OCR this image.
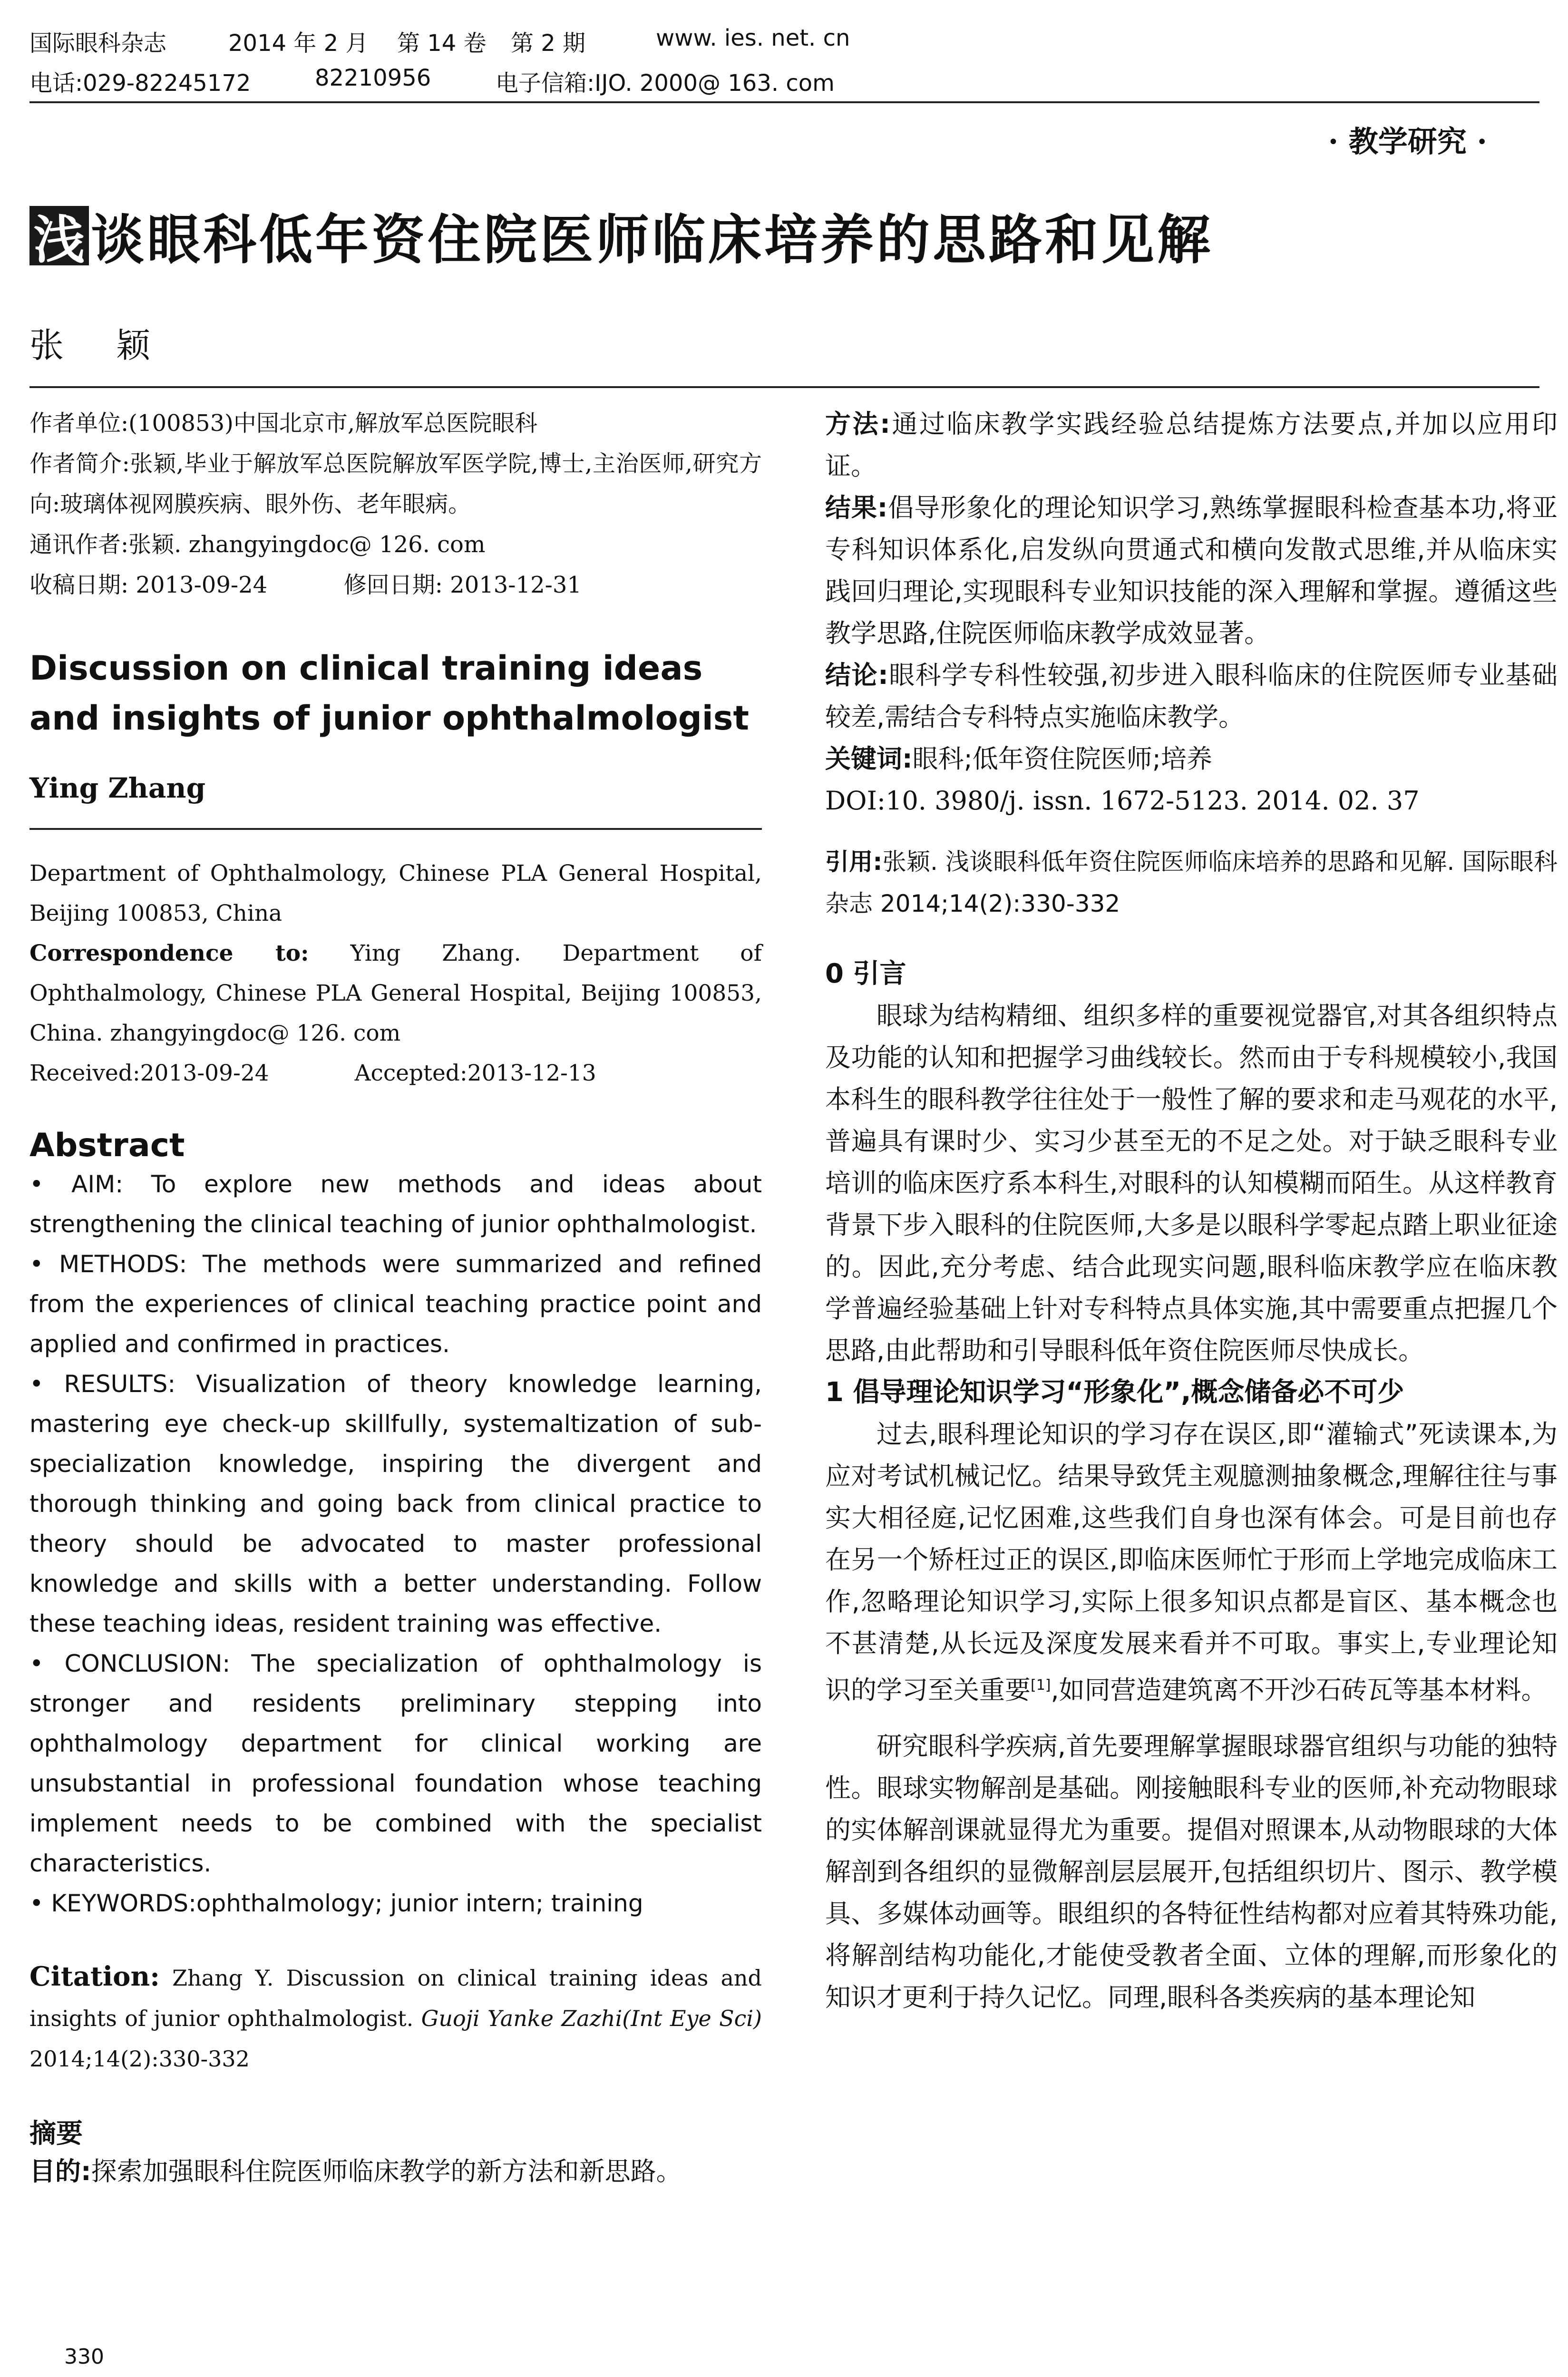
国际眼科杂志	2014 年 2 月 第 14 卷 第 2 期	www. ies. net. cn
电话:029-82245172	82210956	电子信箱:IJO. 2000@ 163. com
· 教学研究 ·
浅 谈眼科低年资住院医师临床培养的思路和见解
张颖

作者单位:(100853)中国北京市,解放军总医院眼科

作者简介:张颖,毕业于解放军总医院解放军医学院,博士,主治医师,研究方向:玻璃体视网膜疾病、眼外伤、老年眼病。

通讯作者:张颖. zhangyingdoc@ 126. com

收稿日期: 2013-09-24	修回日期: 2013-12-31

Discussion on clinical training ideas and insights of junior ophthalmologist
Ying Zhang

Department of Ophthalmology, Chinese PLA General Hospital, Beijing 100853, China

Correspondence to: Ying Zhang. Department of Ophthalmology, Chinese PLA General Hospital, Beijing 100853, China. zhangyingdoc@ 126. com

Received:2013-09-24	Accepted:2013-12-13

Abstract

• AIM: To explore new methods and ideas about strengthening the clinical teaching of junior ophthalmologist.

• METHODS: The methods were summarized and refined from the experiences of clinical teaching practice point and applied and confirmed in practices.

• RESULTS: Visualization of theory knowledge learning, mastering eye check-up skillfully, systemaltization of sub-specialization knowledge, inspiring the divergent and thorough thinking and going back from clinical practice to theory should be advocated to master professional knowledge and skills with a better understanding. Follow these teaching ideas, resident training was effective.

• CONCLUSION: The specialization of ophthalmology is stronger and residents preliminary stepping into ophthalmology department for clinical working are unsubstantial in professional foundation whose teaching implement needs to be combined with the specialist characteristics.

• KEYWORDS:ophthalmology; junior intern; training

Citation: Zhang Y. Discussion on clinical training ideas and insights of junior ophthalmologist. Guoji Yanke Zazhi(Int Eye Sci) 2014;14(2):330-332
摘要

目的:探索加强眼科住院医师临床教学的新方法和新思路。

方法:通过临床教学实践经验总结提炼方法要点,并加以应用印证。

结果:倡导形象化的理论知识学习,熟练掌握眼科检查基本功,将亚专科知识体系化,启发纵向贯通式和横向发散式思维,并从临床实践回归理论,实现眼科专业知识技能的深入理解和掌握。遵循这些教学思路,住院医师临床教学成效显著。

结论:眼科学专科性较强,初步进入眼科临床的住院医师专业基础较差,需结合专科特点实施临床教学。

关键词:眼科;低年资住院医师;培养

DOI:10. 3980/j. issn. 1672-5123. 2014. 02. 37

引用:张颖. 浅谈眼科低年资住院医师临床培养的思路和见解. 国际眼科杂志 2014;14(2):330-332

0 引言

眼球为结构精细、组织多样的重要视觉器官,对其各组织特点及功能的认知和把握学习曲线较长。然而由于专科规模较小,我国本科生的眼科教学往往处于一般性了解的要求和走马观花的水平,普遍具有课时少、实习少甚至无的不足之处。对于缺乏眼科专业培训的临床医疗系本科生,对眼科的认知模糊而陌生。从这样教育背景下步入眼科的住院医师,大多是以眼科学零起点踏上职业征途的。因此,充分考虑、结合此现实问题,眼科临床教学应在临床教学普遍经验基础上针对专科特点具体实施,其中需要重点把握几个思路,由此帮助和引导眼科低年资住院医师尽快成长。

1 倡导理论知识学习“形象化”,概念储备必不可少

过去,眼科理论知识的学习存在误区,即“灌输式”死读课本,为应对考试机械记忆。结果导致凭主观臆测抽象概念,理解往往与事实大相径庭,记忆困难,这些我们自身也深有体会。可是目前也存在另一个矫枉过正的误区,即临床医师忙于形而上学地完成临床工作,忽略理论知识学习,实际上很多知识点都是盲区、基本概念也不甚清楚,从长远及深度发展来看并不可取。事实上,专业理论知识的学习至关重要[1],如同营造建筑离不开沙石砖瓦等基本材料。

研究眼科学疾病,首先要理解掌握眼球器官组织与功能的独特性。眼球实物解剖是基础。刚接触眼科专业的医师,补充动物眼球的实体解剖课就显得尤为重要。提倡对照课本,从动物眼球的大体解剖到各组织的显微解剖层层展开,包括组织切片、图示、教学模具、多媒体动画等。眼组织的各特征性结构都对应着其特殊功能,将解剖结构功能化,才能使受教者全面、立体的理解,而形象化的知识才更利于持久记忆。同理,眼科各类疾病的基本理论知

330
